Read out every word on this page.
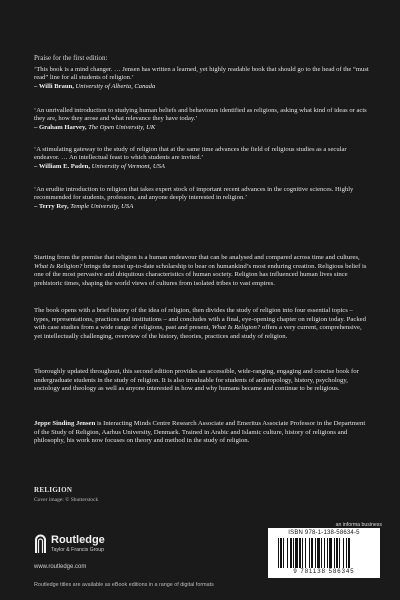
Praise for the first edition:
‘This book is a mind changer. … Jensen has written a learned, yet highly readable book that should go to the head of the “must read” line for all students of religion.’
– Willi Braun, University of Alberta, Canada
‘An unrivalled introduction to studying human beliefs and behaviours identified as religions, asking what kind of ideas or acts they are, how they arose and what relevance they have today.’
– Graham Harvey, The Open University, UK
‘A stimulating gateway to the study of religion that at the same time advances the field of religious studies as a secular endeavor. … An intellectual feast to which students are invited.’
– William E. Paden, University of Vermont, USA
‘An erudite introduction to religion that takes expert stock of important recent advances in the cognitive sciences. Highly recommended for students, professors, and anyone deeply interested in religion.’
– Terry Rey, Temple University, USA
Starting from the premise that religion is a human endeavour that can be analysed and compared across time and cultures, What Is Religion? brings the most up-to-date scholarship to bear on humankind’s most enduring creation. Religious belief is one of the most pervasive and ubiquitous characteristics of human society. Religion has influenced human lives since prehistoric times, shaping the world views of cultures from isolated tribes to vast empires.
The book opens with a brief history of the idea of religion, then divides the study of religion into four essential topics – types, representations, practices and institutions – and concludes with a final, eye-opening chapter on religion today. Packed with case studies from a wide range of religions, past and present, What Is Religion? offers a very current, comprehensive, yet intellectually challenging, overview of the history, theories, practices and study of religion.
Thoroughly updated throughout, this second edition provides an accessible, wide-ranging, engaging and concise book for undergraduate students in the study of religion. It is also invaluable for students of anthropology, history, psychology, sociology and theology as well as anyone interested in how and why humans became and continue to be religious.
Jeppe Sinding Jensen is Interacting Minds Centre Research Associate and Emeritus Associate Professor in the Department of the Study of Religion, Aarhus University, Denmark. Trained in Arabic and Islamic culture, history of religions and philosophy, his work now focuses on theory and method in the study of religion.
RELIGION
Cover image: © Shutterstock
Routledge
Taylor & Francis Group
www.routledge.com
an informa business
ISBN 978-1-138-58634-5
9 781138 586345
Routledge titles are available as eBook editions in a range of digital formats
